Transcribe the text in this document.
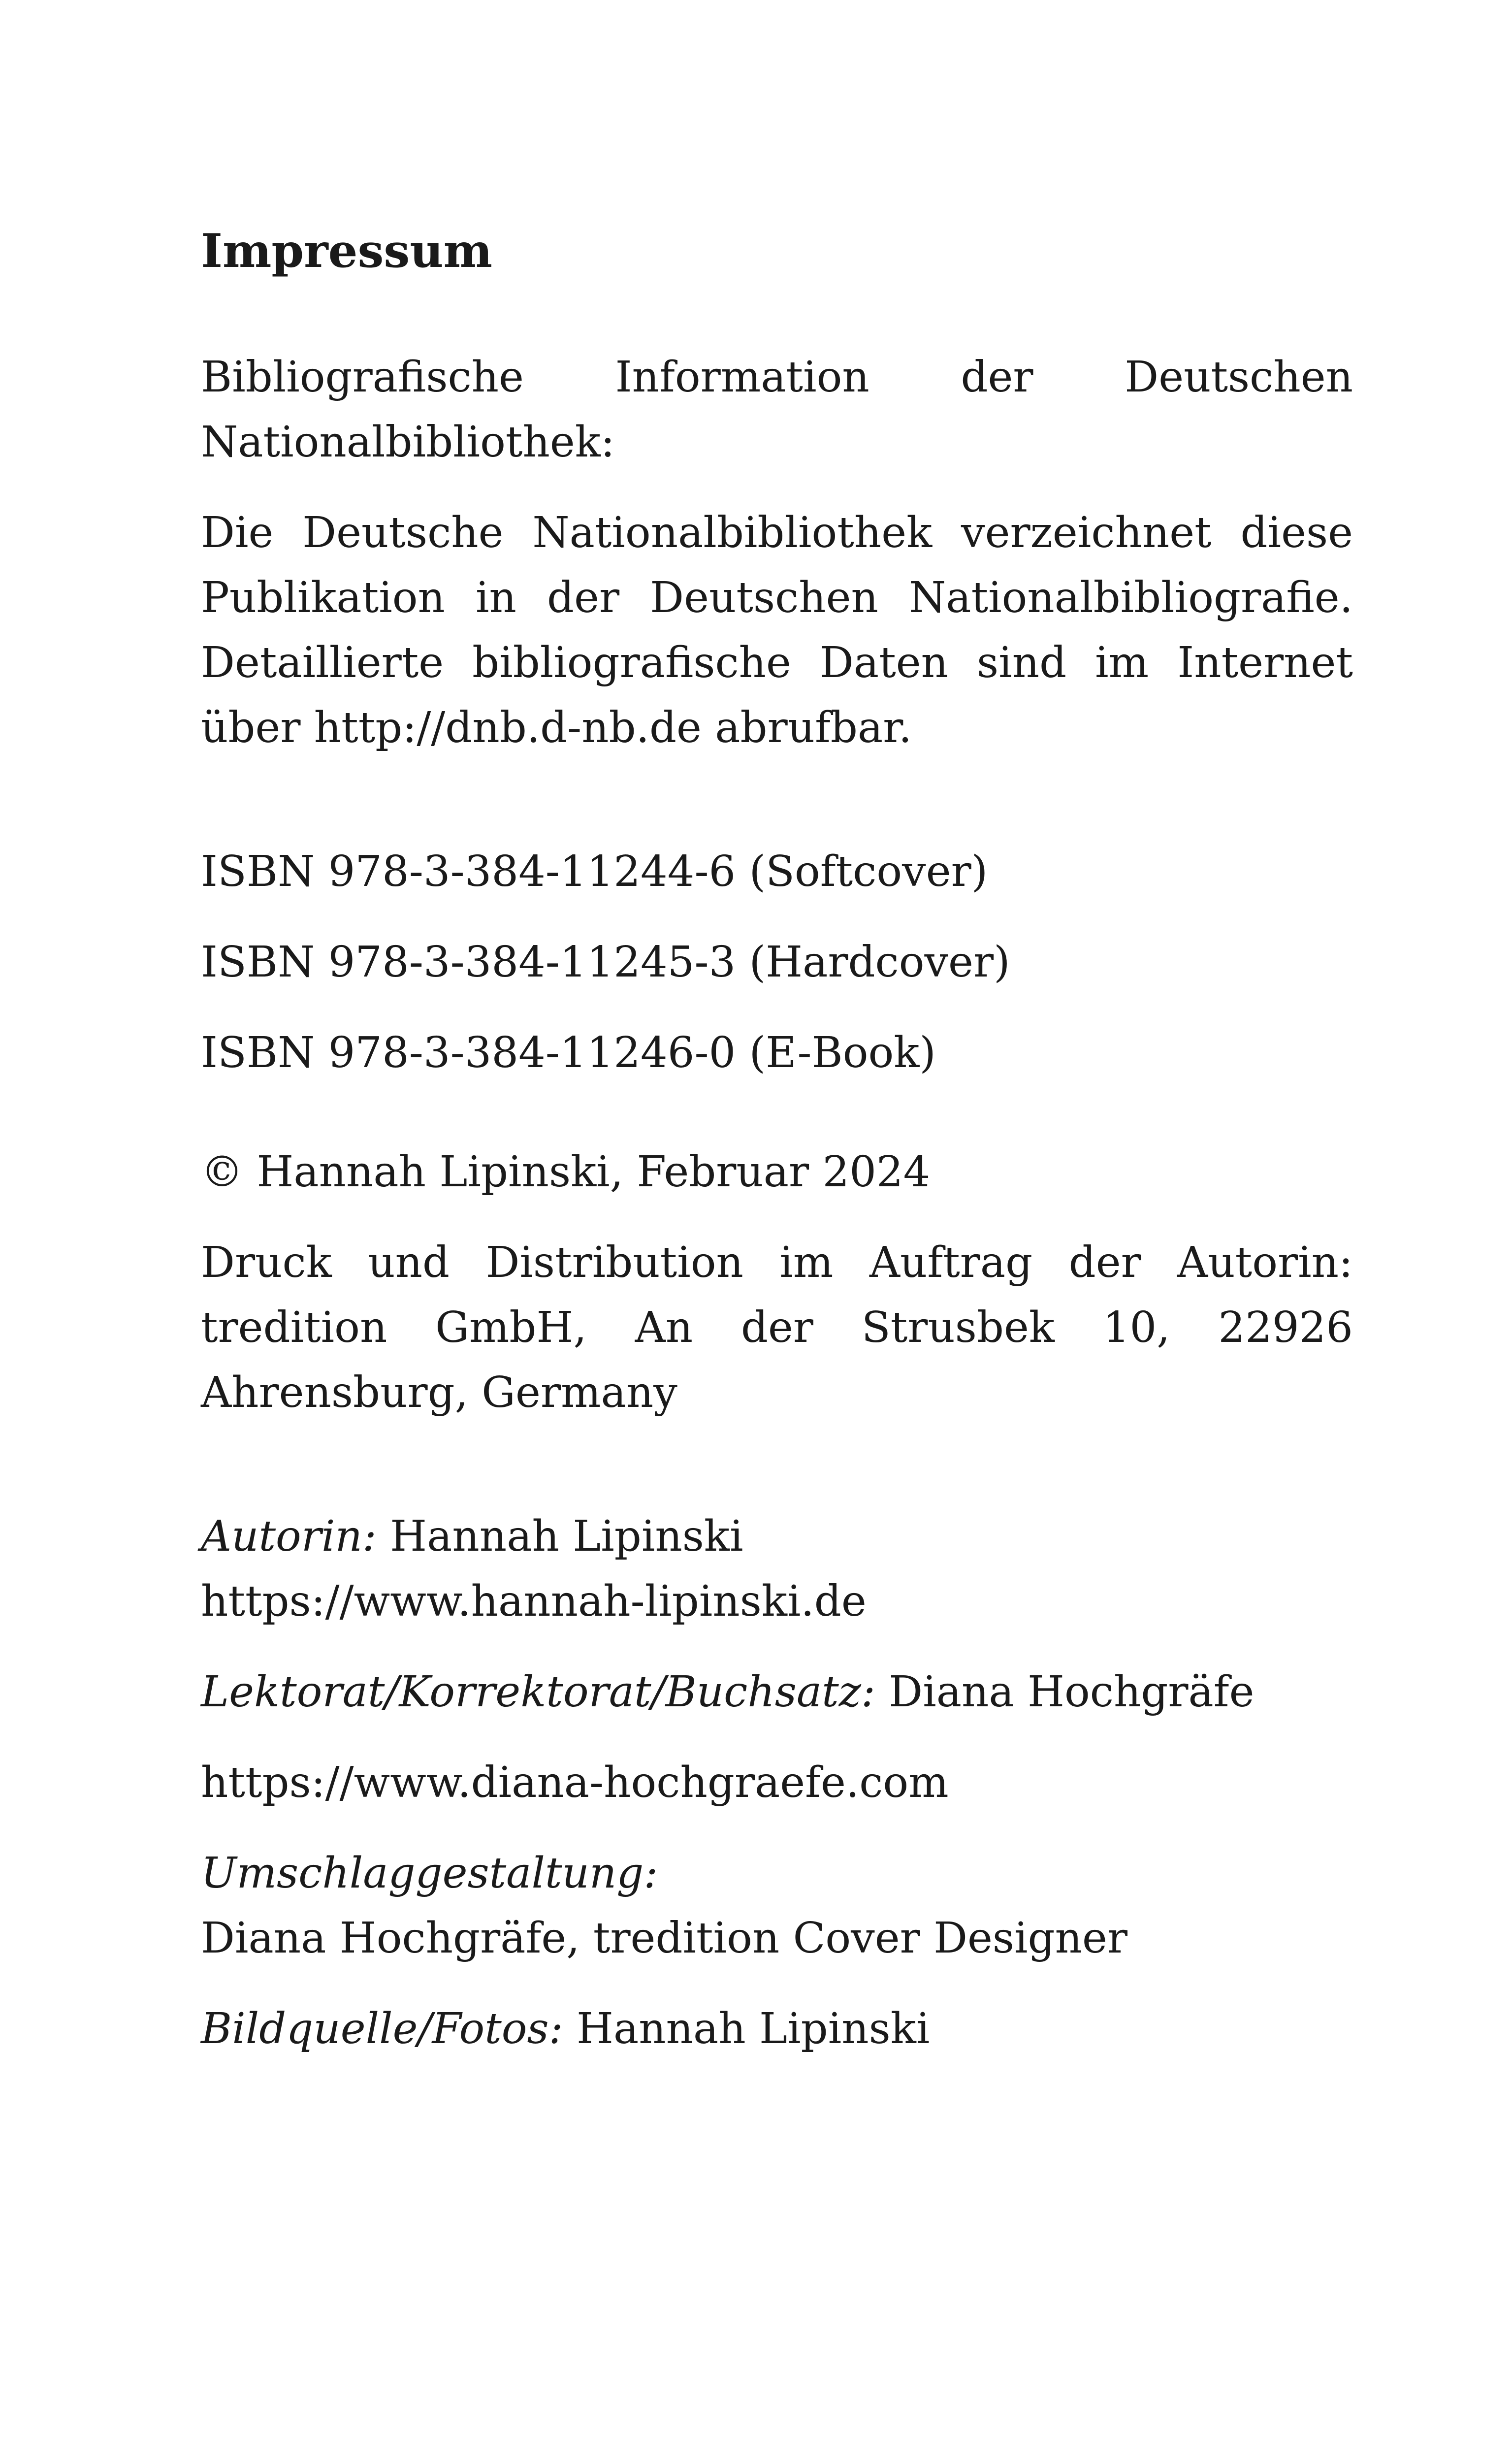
Impressum

Bibliografische Information der Deutschen Nationalbibliothek:

Die Deutsche Nationalbibliothek verzeichnet diese Publikation in der Deutschen Nationalbibliografie. Detaillierte bibliografische Daten sind im Internet über http://dnb.d-nb.de abrufbar.

ISBN 978-3-384-11244-6 (Softcover)

ISBN 978-3-384-11245-3 (Hardcover)

ISBN 978-3-384-11246-0 (E-Book)

© Hannah Lipinski, Februar 2024

Druck und Distribution im Auftrag der Autorin: tredition GmbH, An der Strusbek 10, 22926 Ahrensburg, Germany

Autorin: Hannah Lipinski
https://www.hannah-lipinski.de

Lektorat/Korrektorat/Buchsatz: Diana Hochgräfe

https://www.diana-hochgraefe.com

Umschlaggestaltung:
Diana Hochgräfe, tredition Cover Designer

Bildquelle/Fotos: Hannah Lipinski
